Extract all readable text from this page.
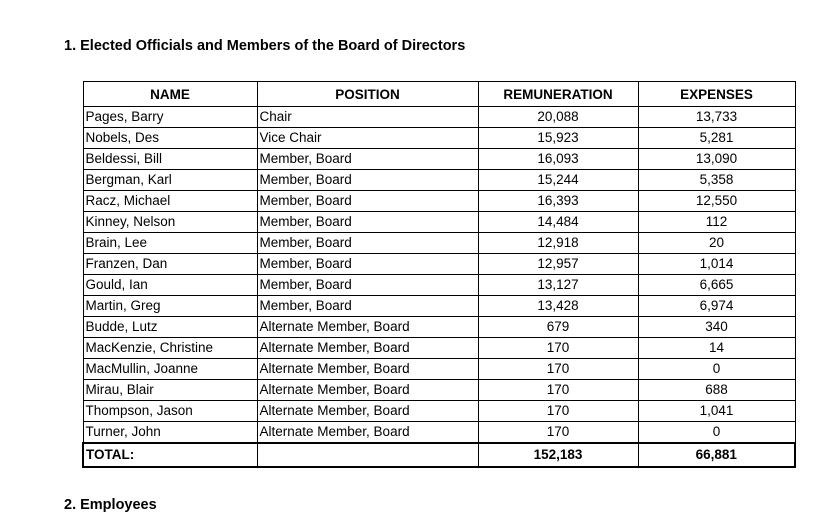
1. Elected Officials and Members of the Board of Directors
NAME	POSITION	REMUNERATION	EXPENSES
Pages, Barry	Chair	20,088	13,733
Nobels, Des	Vice Chair	15,923	5,281
Beldessi, Bill	Member, Board	16,093	13,090
Bergman, Karl	Member, Board	15,244	5,358
Racz, Michael	Member, Board	16,393	12,550
Kinney, Nelson	Member, Board	14,484	112
Brain, Lee	Member, Board	12,918	20
Franzen, Dan	Member, Board	12,957	1,014
Gould, Ian	Member, Board	13,127	6,665
Martin, Greg	Member, Board	13,428	6,974
Budde, Lutz	Alternate Member, Board	679	340
MacKenzie, Christine	Alternate Member, Board	170	14
MacMullin, Joanne	Alternate Member, Board	170	0
Mirau, Blair	Alternate Member, Board	170	688
Thompson, Jason	Alternate Member, Board	170	1,041
Turner, John	Alternate Member, Board	170	0
TOTAL:		152,183	66,881
2. Employees
